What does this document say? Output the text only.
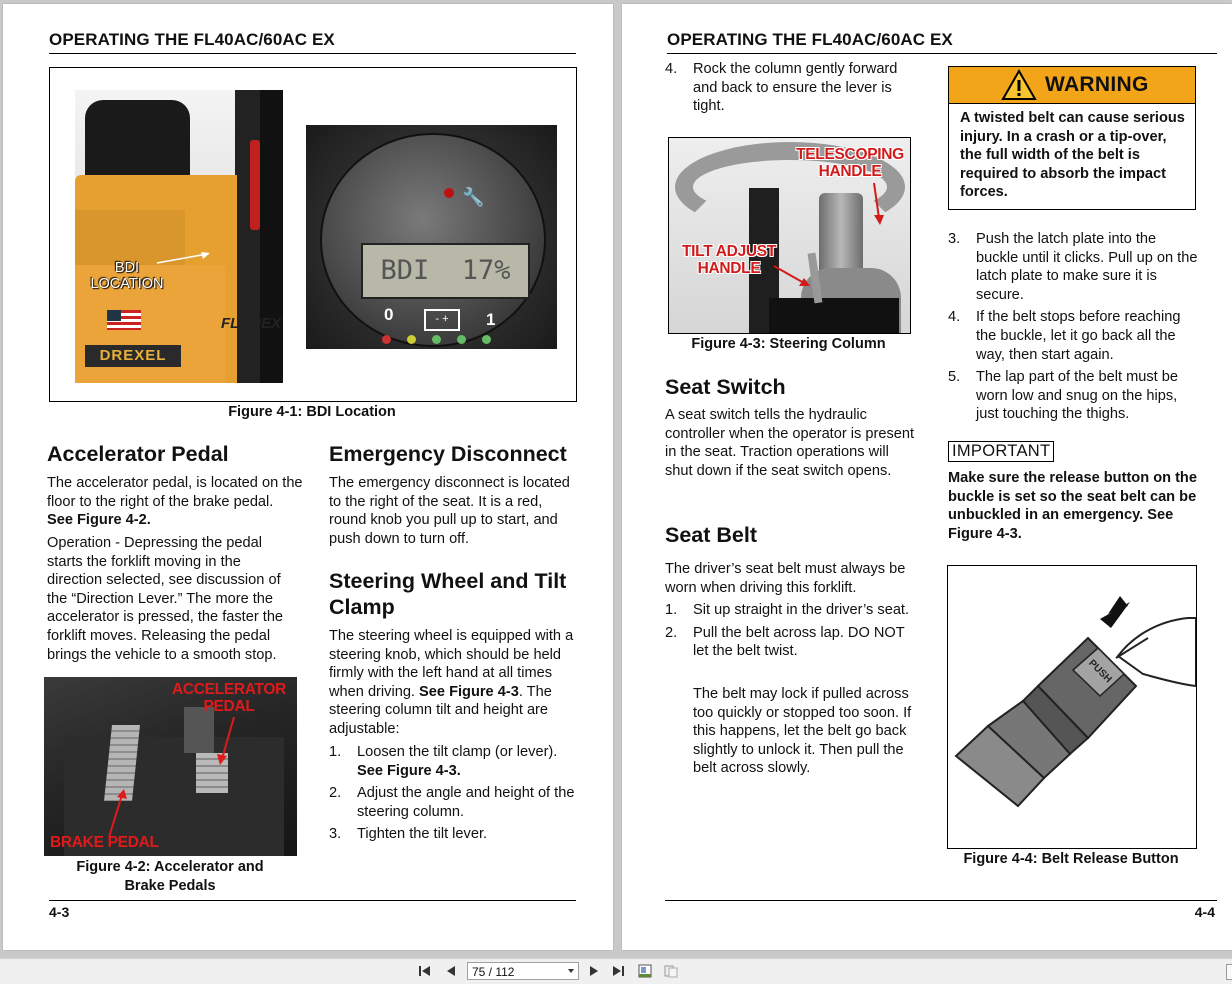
OPERATING THE FL40AC/60AC EX
DREXEL
FL-40EX
BDI
LOCATION
🔧
BDI  17%
0	- +	1
Figure 4-1: BDI Location
Accelerator Pedal
The accelerator pedal, is located on the floor to the right of the brake pedal. See Figure 4-2.
Operation - Depressing the pedal starts the forklift moving in the direction selected, see discussion of the “Direction Lever.” The more the accelerator is pressed, the faster the forklift moves. Releasing the pedal brings the vehicle to a smooth stop.
ACCELERATOR
PEDAL
BRAKE PEDAL
Figure 4-2: Accelerator and Brake Pedals
Emergency Disconnect
The emergency disconnect is located to the right of the seat. It is a red, round knob you pull up to start, and push down to turn off.
Steering Wheel and Tilt Clamp
The steering wheel is equipped with a steering knob, which should be held firmly with the left hand at all times when driving. See Figure 4-3. The steering column tilt and height are adjustable:
1. Loosen the tilt clamp (or lever).
See Figure 4-3.
2. Adjust the angle and height of the steering column.
3. Tighten the tilt lever.
4-3
OPERATING THE FL40AC/60AC EX
4. Rock the column gently forward and back to ensure the lever is tight.
TELESCOPING
HANDLE
TILT ADJUST
HANDLE
Figure 4-3: Steering Column
Seat Switch
A seat switch tells the hydraulic controller when the operator is present in the seat. Traction operations will shut down if the seat switch opens.
Seat Belt
The driver’s seat belt must always be worn when driving this forklift.
1. Sit up straight in the driver’s seat.
2. Pull the belt across lap. DO NOT let the belt twist.
The belt may lock if pulled across too quickly or stopped too soon. If this happens, let the belt go back slightly to unlock it. Then pull the belt across slowly.
WARNING
A twisted belt can cause serious injury. In a crash or a tip-over, the full width of the belt is required to absorb the impact forces.
3. Push the latch plate into the buckle until it clicks. Pull up on the latch plate to make sure it is secure.
4. If the belt stops before reaching the buckle, let it go back all the way, then start again.
5. The lap part of the belt must be worn low and snug on the hips, just touching the thighs.
IMPORTANT
Make sure the release button on the buckle is set so the seat belt can be unbuckled in an emergency. See Figure 4-3.
PUSH
Figure 4-4: Belt Release Button
4-4
75 / 112
